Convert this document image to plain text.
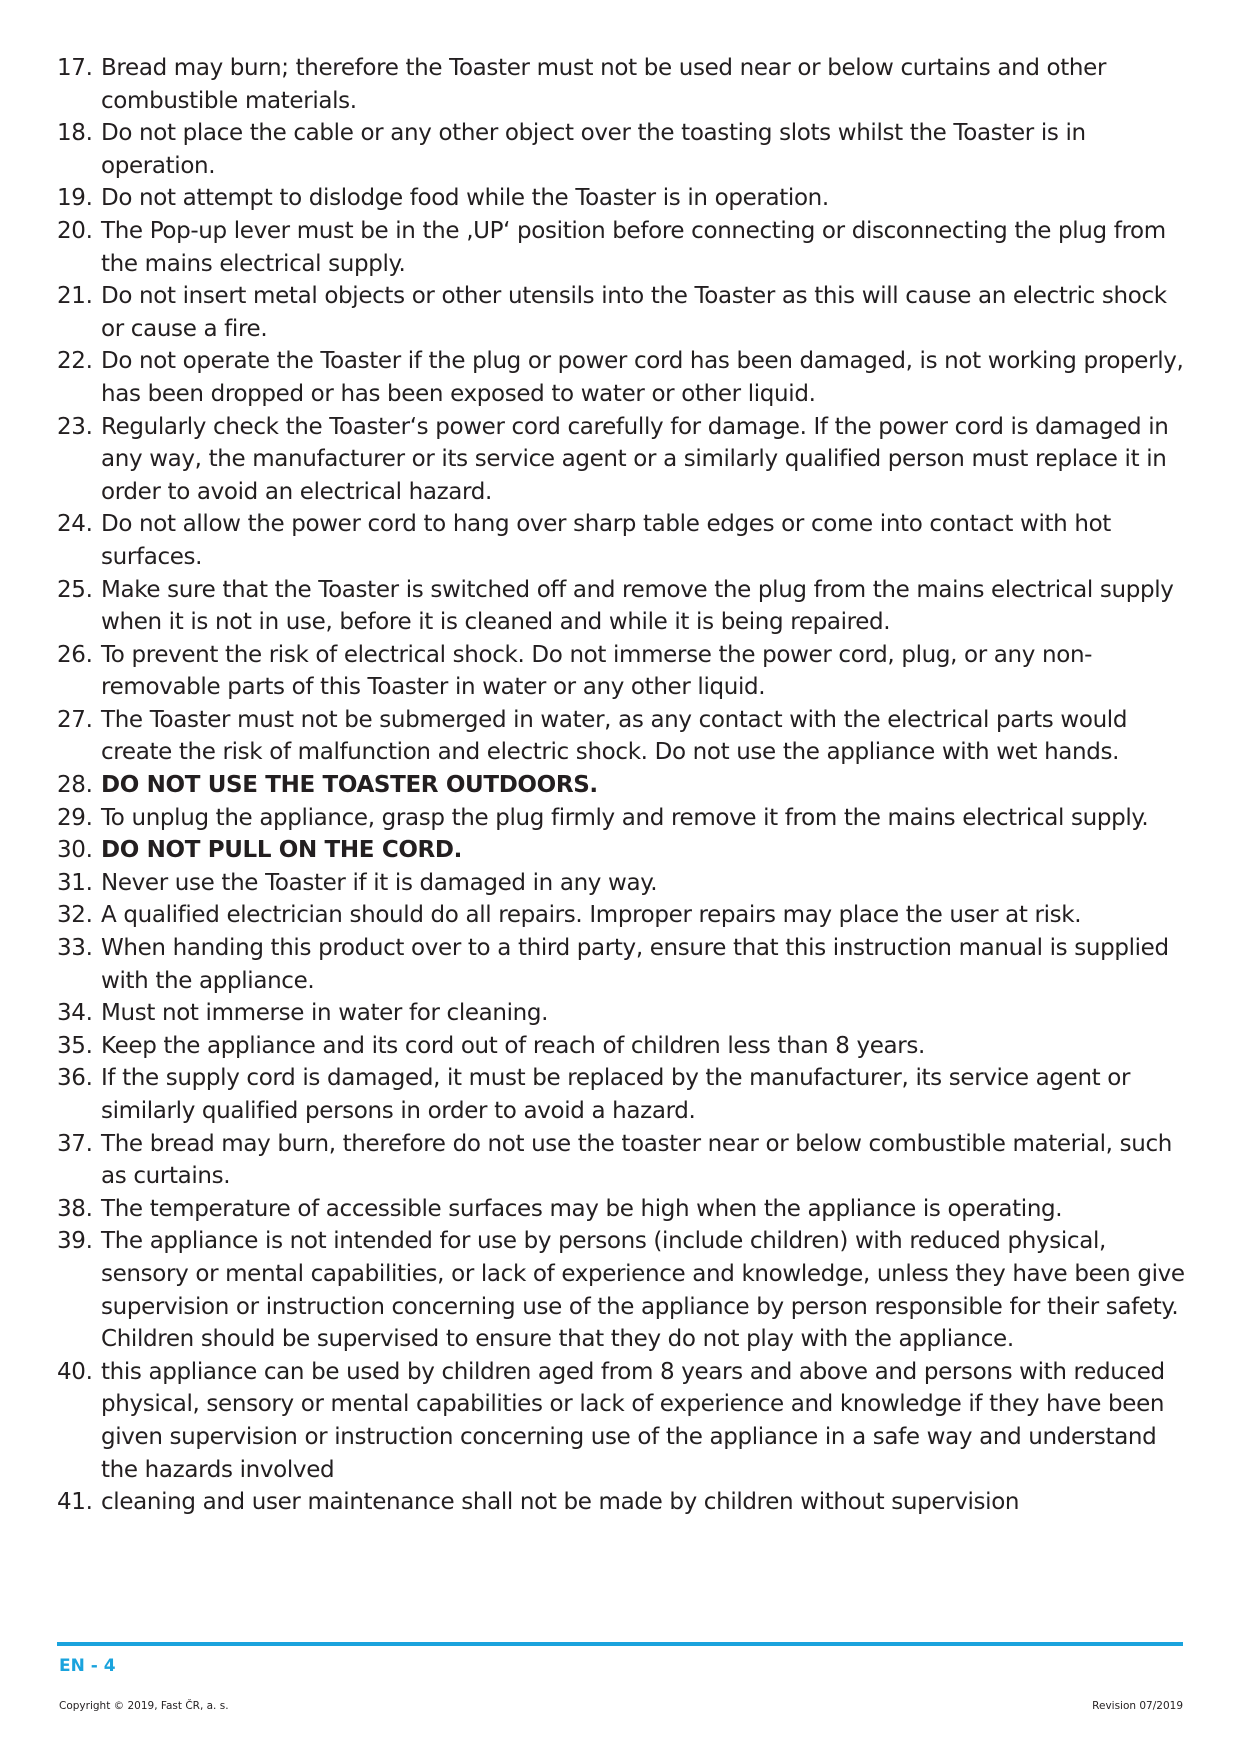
17. Bread may burn; therefore the Toaster must not be used near or below curtains and other combustible materials.
18. Do not place the cable or any other object over the toasting slots whilst the Toaster is in operation.
19. Do not attempt to dislodge food while the Toaster is in operation.
20. The Pop-up lever must be in the ‚UP‘ position before connecting or disconnecting the plug from the mains electrical supply.
21. Do not insert metal objects or other utensils into the Toaster as this will cause an electric shock or cause a fire.
22. Do not operate the Toaster if the plug or power cord has been damaged, is not working properly, has been dropped or has been exposed to water or other liquid.
23. Regularly check the Toaster‘s power cord carefully for damage. If the power cord is damaged in any way, the manufacturer or its service agent or a similarly qualified person must replace it in order to avoid an electrical hazard.
24. Do not allow the power cord to hang over sharp table edges or come into contact with hot surfaces.
25. Make sure that the Toaster is switched off and remove the plug from the mains electrical supply when it is not in use, before it is cleaned and while it is being repaired.
26. To prevent the risk of electrical shock. Do not immerse the power cord, plug, or any non-removable parts of this Toaster in water or any other liquid.
27. The Toaster must not be submerged in water, as any contact with the electrical parts would create the risk of malfunction and electric shock. Do not use the appliance with wet hands.
28. DO NOT USE THE TOASTER OUTDOORS.
29. To unplug the appliance, grasp the plug firmly and remove it from the mains electrical supply.
30. DO NOT PULL ON THE CORD.
31. Never use the Toaster if it is damaged in any way.
32. A qualified electrician should do all repairs. Improper repairs may place the user at risk.
33. When handing this product over to a third party, ensure that this instruction manual is supplied with the appliance.
34. Must not immerse in water for cleaning.
35. Keep the appliance and its cord out of reach of children less than 8 years.
36. If the supply cord is damaged, it must be replaced by the manufacturer, its service agent or similarly qualified persons in order to avoid a hazard.
37. The bread may burn, therefore do not use the toaster near or below combustible material, such as curtains.
38. The temperature of accessible surfaces may be high when the appliance is operating.
39. The appliance is not intended for use by persons (include children) with reduced physical, sensory or mental capabilities, or lack of experience and knowledge, unless they have been give supervision or instruction concerning use of the appliance by person responsible for their safety. Children should be supervised to ensure that they do not play with the appliance.
40. this appliance can be used by children aged from 8 years and above and persons with reduced physical, sensory or mental capabilities or lack of experience and knowledge if they have been given supervision or instruction concerning use of the appliance in a safe way and understand the hazards involved
41. cleaning and user maintenance shall not be made by children without supervision
EN - 4
Copyright © 2019, Fast ČR, a. s.	Revision 07/2019
